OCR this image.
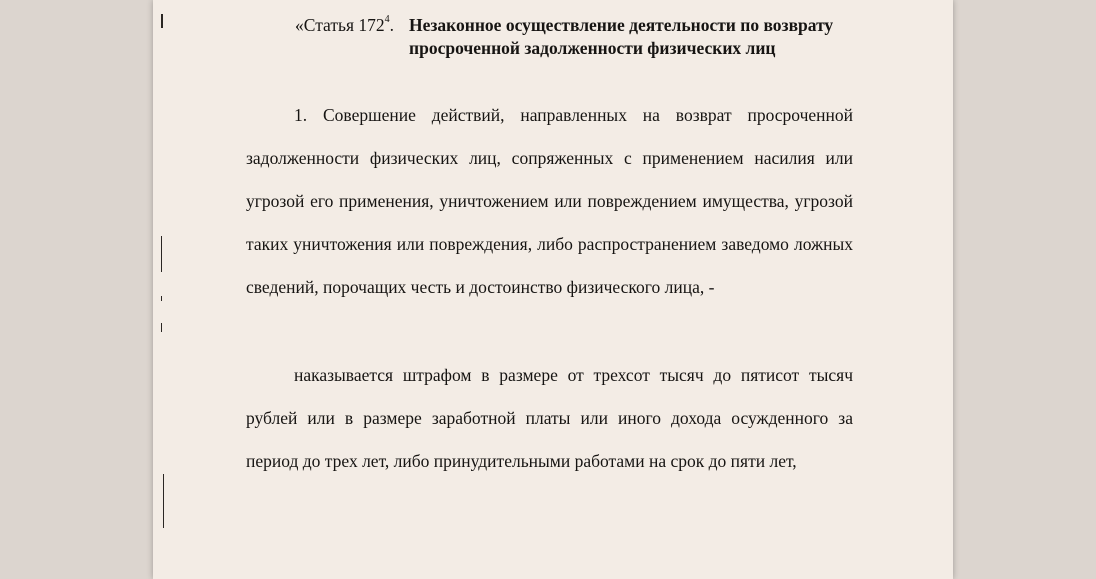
«Статья $172^4$. Незаконное осуществление деятельности по возврату просроченной задолженности физических лиц

1. Совершение действий, направленных на возврат просроченной задолженности физических лиц, сопряженных с применением насилия или угрозой его применения, уничтожением или повреждением имущества, угрозой таких уничтожения или повреждения, либо распространением заведомо ложных сведений, порочащих честь и достоинство физического лица, -

наказывается штрафом в размере от трехсот тысяч до пятисот тысяч рублей или в размере заработной платы или иного дохода осужденного за период до трех лет, либо принудительными работами на срок до пяти лет,
